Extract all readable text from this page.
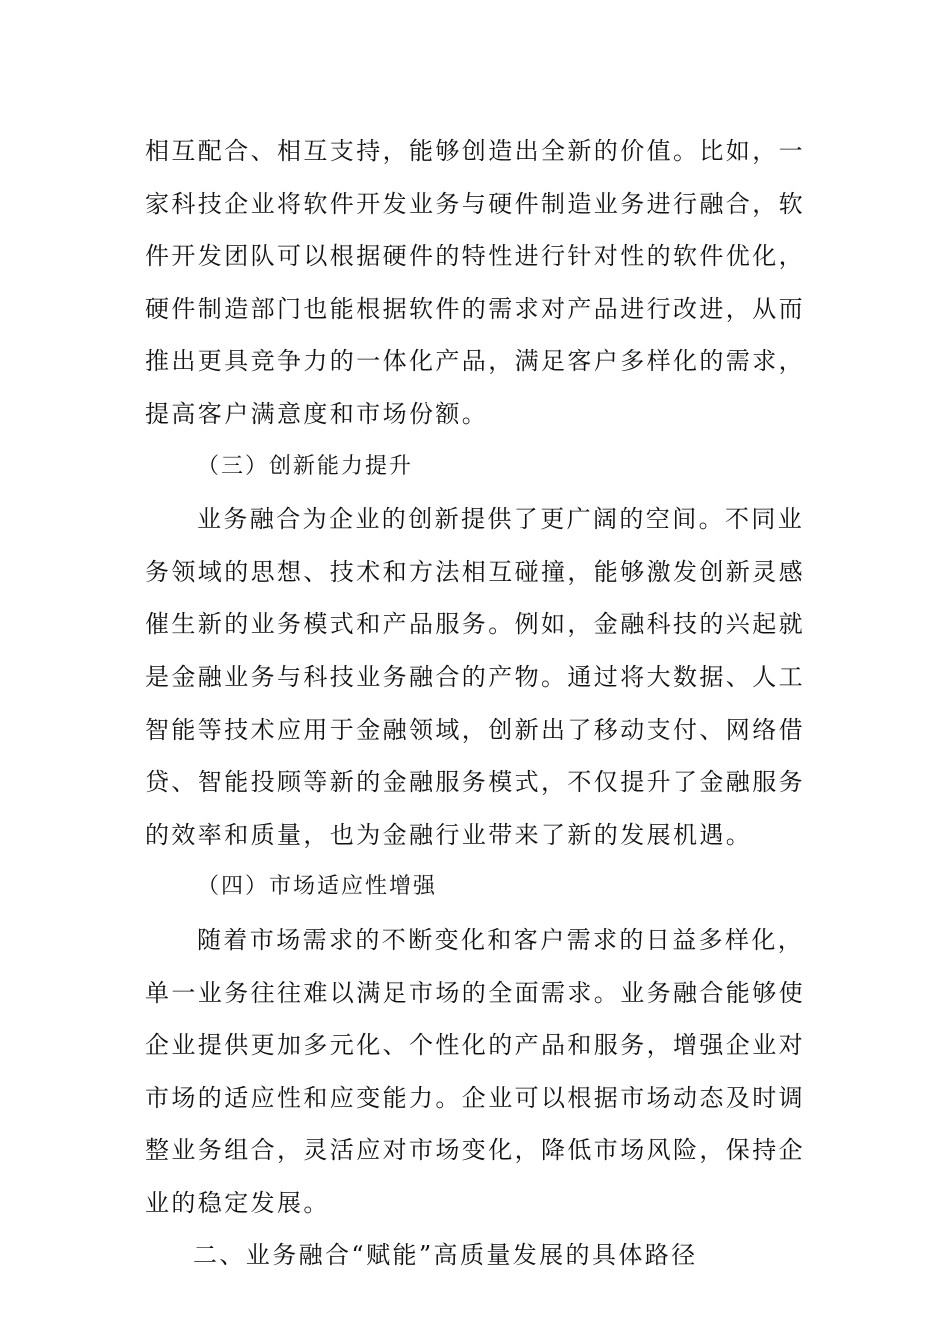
相互配合、相互支持，能够创造出全新的价值。比如，一
家科技企业将软件开发业务与硬件制造业务进行融合，软
件开发团队可以根据硬件的特性进行针对性的软件优化，
硬件制造部门也能根据软件的需求对产品进行改进，从而
推出更具竞争力的一体化产品，满足客户多样化的需求，
提高客户满意度和市场份额。
（三）创新能力提升
业务融合为企业的创新提供了更广阔的空间。不同业
务领域的思想、技术和方法相互碰撞，能够激发创新灵感
催生新的业务模式和产品服务。例如，金融科技的兴起就
是金融业务与科技业务融合的产物。通过将大数据、人工
智能等技术应用于金融领域，创新出了移动支付、网络借
贷、智能投顾等新的金融服务模式，不仅提升了金融服务
的效率和质量，也为金融行业带来了新的发展机遇。
（四）市场适应性增强
随着市场需求的不断变化和客户需求的日益多样化，
单一业务往往难以满足市场的全面需求。业务融合能够使
企业提供更加多元化、个性化的产品和服务，增强企业对
市场的适应性和应变能力。企业可以根据市场动态及时调
整业务组合，灵活应对市场变化，降低市场风险，保持企
业的稳定发展。
二、业务融合“赋能”高质量发展的具体路径
